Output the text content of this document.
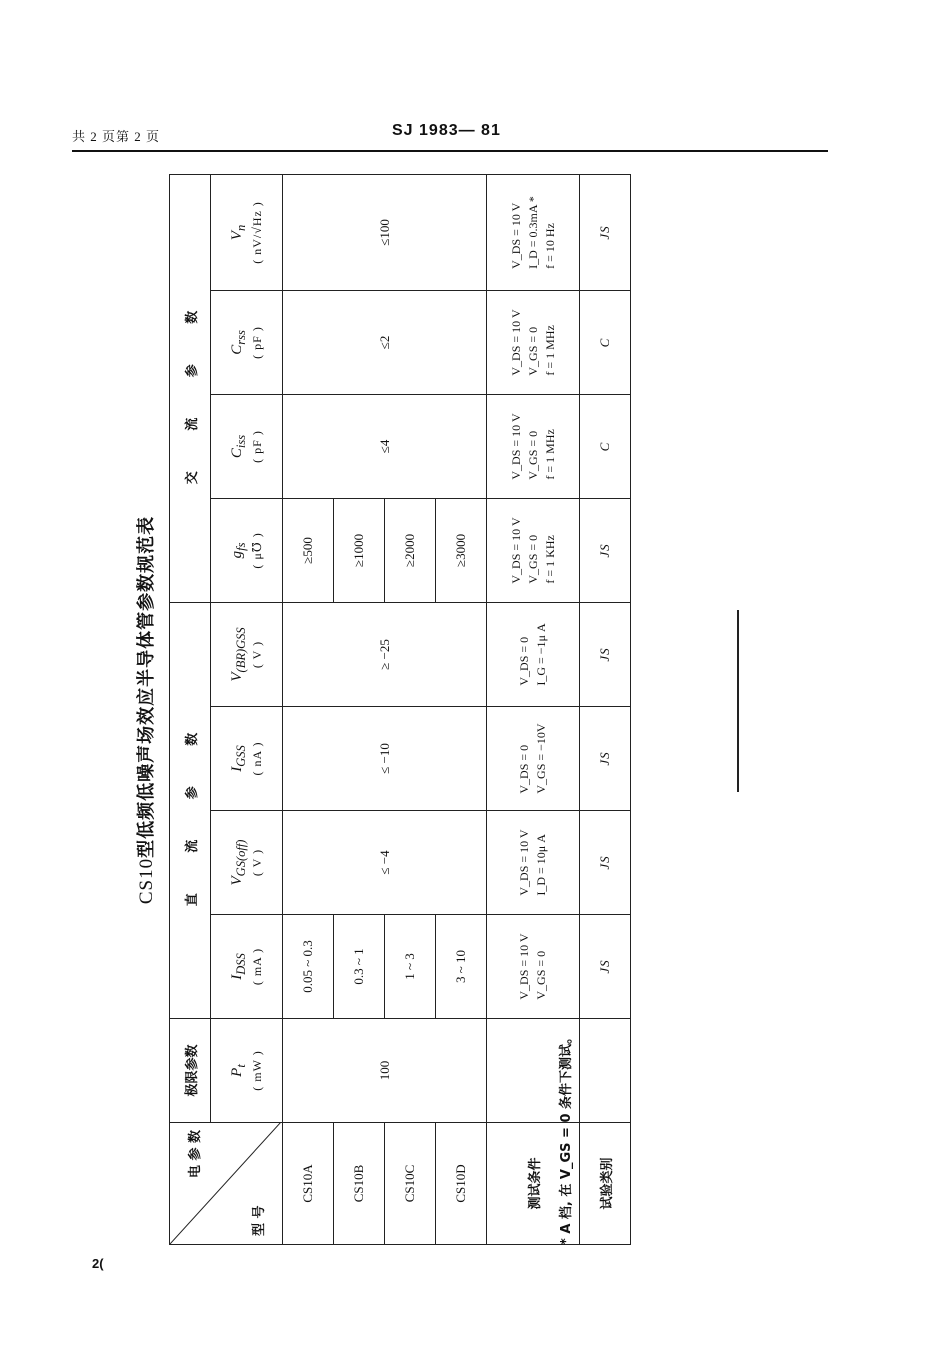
共 2 页第 2 页	SJ 1983— 81
2(
CS10型低频低噪声场效应半导体管参数规范表
电 参 数
型 号	极限参数	直 流 参 数				交 流 参 数			
	$P_t$ ( mW )	$I_{DSS}$ ( mA )	$V_{GS(off)}$ ( V )	$I_{GSS}$ ( nA )	$V_{(BR)GSS}$ ( V )	$g_{fs}$ ( μ℧ )	$C_{iss}$ ( pF )	$C_{rss}$ ( pF )	$V_n$ ( nV/√Hz )
CS10A	100	0.05 ~ 0.3	≤ −4	≤ −10	≥ −25	≥500	≤4	≤2	≤100
CS10B		0.3 ~ 1				≥1000			
CS10C		1 ~ 3				≥2000			
CS10D		3 ~ 10				≥3000			
测试条件		V_DS = 10 V V_GS = 0	V_DS = 10 V I_D = 10μ A	V_DS = 0 V_GS = −10V	V_DS = 0 I_G = −1μ A	V_DS = 10 V V_GS = 0 f = 1 KHz	V_DS = 10 V V_GS = 0 f = 1 MHz	V_DS = 10 V V_GS = 0 f = 1 MHz	V_DS = 10 V I_D = 0.3mA * f = 10 Hz
试验类别		JS	JS	JS	JS	JS	C	C	JS
* A 档, 在 V_GS = 0 条件下测试。
